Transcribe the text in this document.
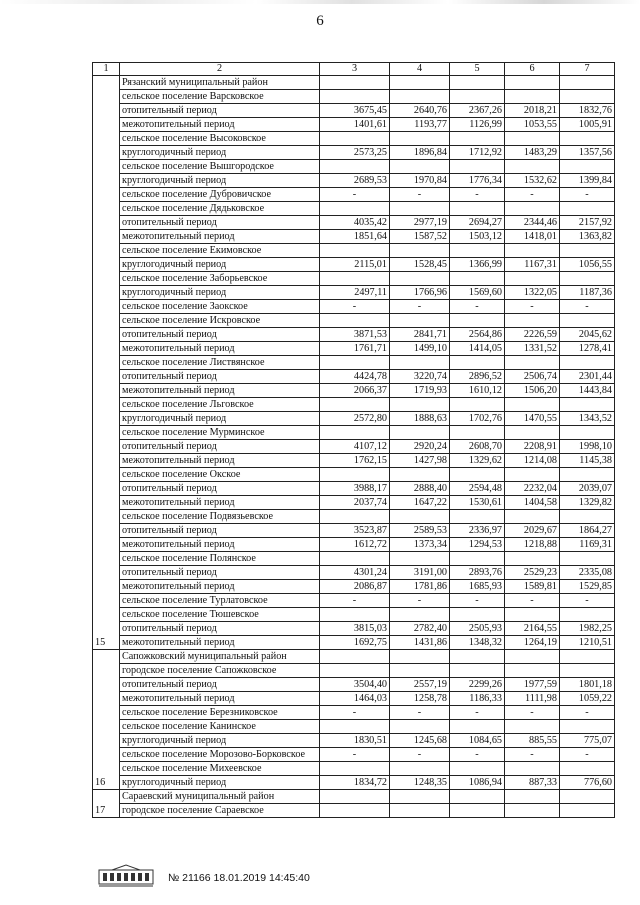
6
1	2	3	4	5	6	7
15	Рязанский муниципальный район					
	сельское поселение Варсковское					
	отопительный период	3675,45	2640,76	2367,26	2018,21	1832,76
	межотопительный период	1401,61	1193,77	1126,99	1053,55	1005,91
	сельское поселение Высоковское					
	круглогодичный период	2573,25	1896,84	1712,92	1483,29	1357,56
	сельское поселение Вышгородское					
	круглогодичный период	2689,53	1970,84	1776,34	1532,62	1399,84
	сельское поселение Дубровичское	-	-	-	-	-
	сельское поселение Дядьковское					
	отопительный период	4035,42	2977,19	2694,27	2344,46	2157,92
	межотопительный период	1851,64	1587,52	1503,12	1418,01	1363,82
	сельское поселение Екимовское					
	круглогодичный период	2115,01	1528,45	1366,99	1167,31	1056,55
	сельское поселение Заборьевское					
	круглогодичный период	2497,11	1766,96	1569,60	1322,05	1187,36
	сельское поселение Заокское	-	-	-	-	-
	сельское поселение Искровское					
	отопительный период	3871,53	2841,71	2564,86	2226,59	2045,62
	межотопительный период	1761,71	1499,10	1414,05	1331,52	1278,41
	сельское поселение Листвянское					
	отопительный период	4424,78	3220,74	2896,52	2506,74	2301,44
	межотопительный период	2066,37	1719,93	1610,12	1506,20	1443,84
	сельское поселение Льговское					
	круглогодичный период	2572,80	1888,63	1702,76	1470,55	1343,52
	сельское поселение Мурминское					
	отопительный период	4107,12	2920,24	2608,70	2208,91	1998,10
	межотопительный период	1762,15	1427,98	1329,62	1214,08	1145,38
	сельское поселение Окское					
	отопительный период	3988,17	2888,40	2594,48	2232,04	2039,07
	межотопительный период	2037,74	1647,22	1530,61	1404,58	1329,82
	сельское поселение Подвязьевское					
	отопительный период	3523,87	2589,53	2336,97	2029,67	1864,27
	межотопительный период	1612,72	1373,34	1294,53	1218,88	1169,31
	сельское поселение Полянское					
	отопительный период	4301,24	3191,00	2893,76	2529,23	2335,08
	межотопительный период	2086,87	1781,86	1685,93	1589,81	1529,85
	сельское поселение Турлатовское	-	-	-	-	-
	сельское поселение Тюшевское					
	отопительный период	3815,03	2782,40	2505,93	2164,55	1982,25
	межотопительный период	1692,75	1431,86	1348,32	1264,19	1210,51
16	Сапожковский муниципальный район					
	городское поселение Сапожковское					
	отопительный период	3504,40	2557,19	2299,26	1977,59	1801,18
	межотопительный период	1464,03	1258,78	1186,33	1111,98	1059,22
	сельское поселение Березниковское	-	-	-	-	-
	сельское поселение Канинское					
	круглогодичный период	1830,51	1245,68	1084,65	885,55	775,07
	сельское поселение Морозово-Борковское	-	-	-	-	-
	сельское поселение Михеевское					
	круглогодичный период	1834,72	1248,35	1086,94	887,33	776,60
17	Сараевский муниципальный район					
	городское поселение Сараевское					
№ 21166 18.01.2019 14:45:40
